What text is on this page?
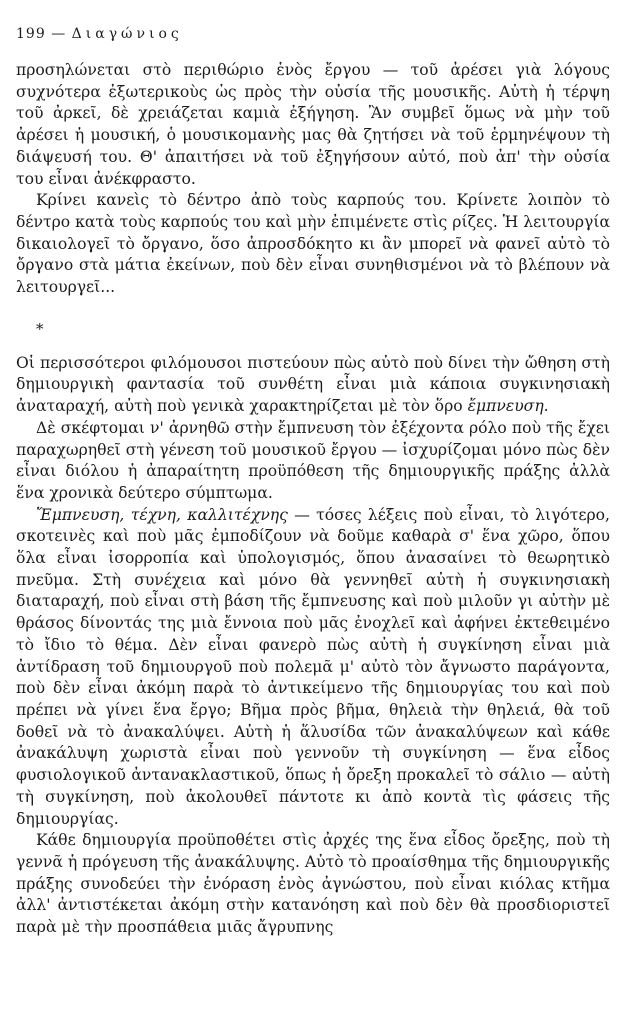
199 — Διαγώνιος

προσηλώνεται στὸ περιθώριο ἑνὸς ἔργου — τοῦ ἀρέσει γιὰ λόγους συχνότερα ἐξωτερικοὺς ὡς πρὸς τὴν οὐσία τῆς μουσικῆς. Αὐτὴ ἡ τέρψη τοῦ ἀρκεῖ, δὲ χρειάζεται καμιὰ ἐξήγηση. Ἂν συμβεῖ ὅμως νὰ μὴν τοῦ ἀρέσει ἡ μουσική, ὁ μουσικομανὴς μας θὰ ζητήσει νὰ τοῦ ἑρμηνέψουν τὴ διάψευσή του. Θ' ἀπαιτήσει νὰ τοῦ ἐξηγήσουν αὐτό, ποὺ ἀπ' τὴν οὐσία του εἶναι ἀνέκφραστο.

Κρίνει κανεὶς τὸ δέντρο ἀπὸ τοὺς καρπούς του. Κρίνετε λοιπὸν τὸ δέντρο κατὰ τοὺς καρπούς του καὶ μὴν ἐπιμένετε στὶς ρίζες. Ἡ λειτουργία δικαιολογεῖ τὸ ὄργανο, ὅσο ἀπροσδόκητο κι ἂν μπορεῖ νὰ φανεῖ αὐτὸ τὸ ὄργανο στὰ μάτια ἐκείνων, ποὺ δὲν εἶναι συνηθισμένοι νὰ τὸ βλέπουν νὰ λειτουργεῖ...

*

Οἱ περισσότεροι φιλόμουσοι πιστεύουν πὼς αὐτὸ ποὺ δίνει τὴν ὤθηση στὴ δημιουργικὴ φαντασία τοῦ συνθέτη εἶναι μιὰ κάποια συγκινησιακὴ ἀναταραχή, αὐτὴ ποὺ γενικὰ χαρακτηρίζεται μὲ τὸν ὅρο ἔμπνευση.

Δὲ σκέφτομαι ν' ἀρνηθῶ στὴν ἔμπνευση τὸν ἐξέχοντα ρόλο ποὺ τῆς ἔχει παραχωρηθεῖ στὴ γένεση τοῦ μουσικοῦ ἔργου — ἰσχυρίζομαι μόνο πὼς δὲν εἶναι διόλου ἡ ἀπαραίτητη προϋπόθεση τῆς δημιουργικῆς πράξης ἀλλὰ ἕνα χρονικὰ δεύτερο σύμπτωμα.

Ἔμπνευση, τέχνη, καλλιτέχνης — τόσες λέξεις ποὺ εἶναι, τὸ λιγότερο, σκοτεινὲς καὶ ποὺ μᾶς ἐμποδίζουν νὰ δοῦμε καθαρὰ σ' ἕνα χῶρο, ὅπου ὅλα εἶναι ἰσορροπία καὶ ὑπολογισμός, ὅπου ἀνασαίνει τὸ θεωρητικὸ πνεῦμα. Στὴ συνέχεια καὶ μόνο θὰ γεννηθεῖ αὐτὴ ἡ συγκινησιακὴ διαταραχή, ποὺ εἶναι στὴ βάση τῆς ἔμπνευσης καὶ ποὺ μιλοῦν γι αὐτὴν μὲ θράσος δίνοντάς της μιὰ ἔννοια ποὺ μᾶς ἐνοχλεῖ καὶ ἀφήνει ἐκτεθειμένο τὸ ἴδιο τὸ θέμα. Δὲν εἶναι φανερὸ πὼς αὐτὴ ἡ συγκίνηση εἶναι μιὰ ἀντίδραση τοῦ δημιουργοῦ ποὺ πολεμᾶ μ' αὐτὸ τὸν ἄγνωστο παράγοντα, ποὺ δὲν εἶναι ἀκόμη παρὰ τὸ ἀντικείμενο τῆς δημιουργίας του καὶ ποὺ πρέπει νὰ γίνει ἕνα ἔργο; Βῆμα πρὸς βῆμα, θηλειὰ τὴν θηλειά, θὰ τοῦ δοθεῖ νὰ τὸ ἀνακαλύψει. Αὐτὴ ἡ ἅλυσίδα τῶν ἀνακαλύψεων καὶ κάθε ἀνακάλυψη χωριστὰ εἶναι ποὺ γεννοῦν τὴ συγκίνηση — ἕνα εἶδος φυσιολογικοῦ ἀντανακλαστικοῦ, ὅπως ἡ ὄρεξη προκαλεῖ τὸ σάλιο — αὐτὴ τὴ συγκίνηση, ποὺ ἀκολουθεῖ πάντοτε κι ἀπὸ κοντὰ τὶς φάσεις τῆς δημιουργίας.

Κάθε δημιουργία προϋποθέτει στὶς ἀρχές της ἕνα εἶδος ὄρεξης, ποὺ τὴ γεννᾶ ἡ πρόγευση τῆς ἀνακάλυψης. Αὐτὸ τὸ προαίσθημα τῆς δημιουργικῆς πράξης συνοδεύει τὴν ἐνόραση ἑνὸς ἀγνώστου, ποὺ εἶναι κιόλας κτῆμα ἀλλ' ἀντιστέκεται ἀκόμη στὴν κατανόηση καὶ ποὺ δὲν θὰ προσδιοριστεῖ παρὰ μὲ τὴν προσπάθεια μιᾶς ἄγρυπνης
